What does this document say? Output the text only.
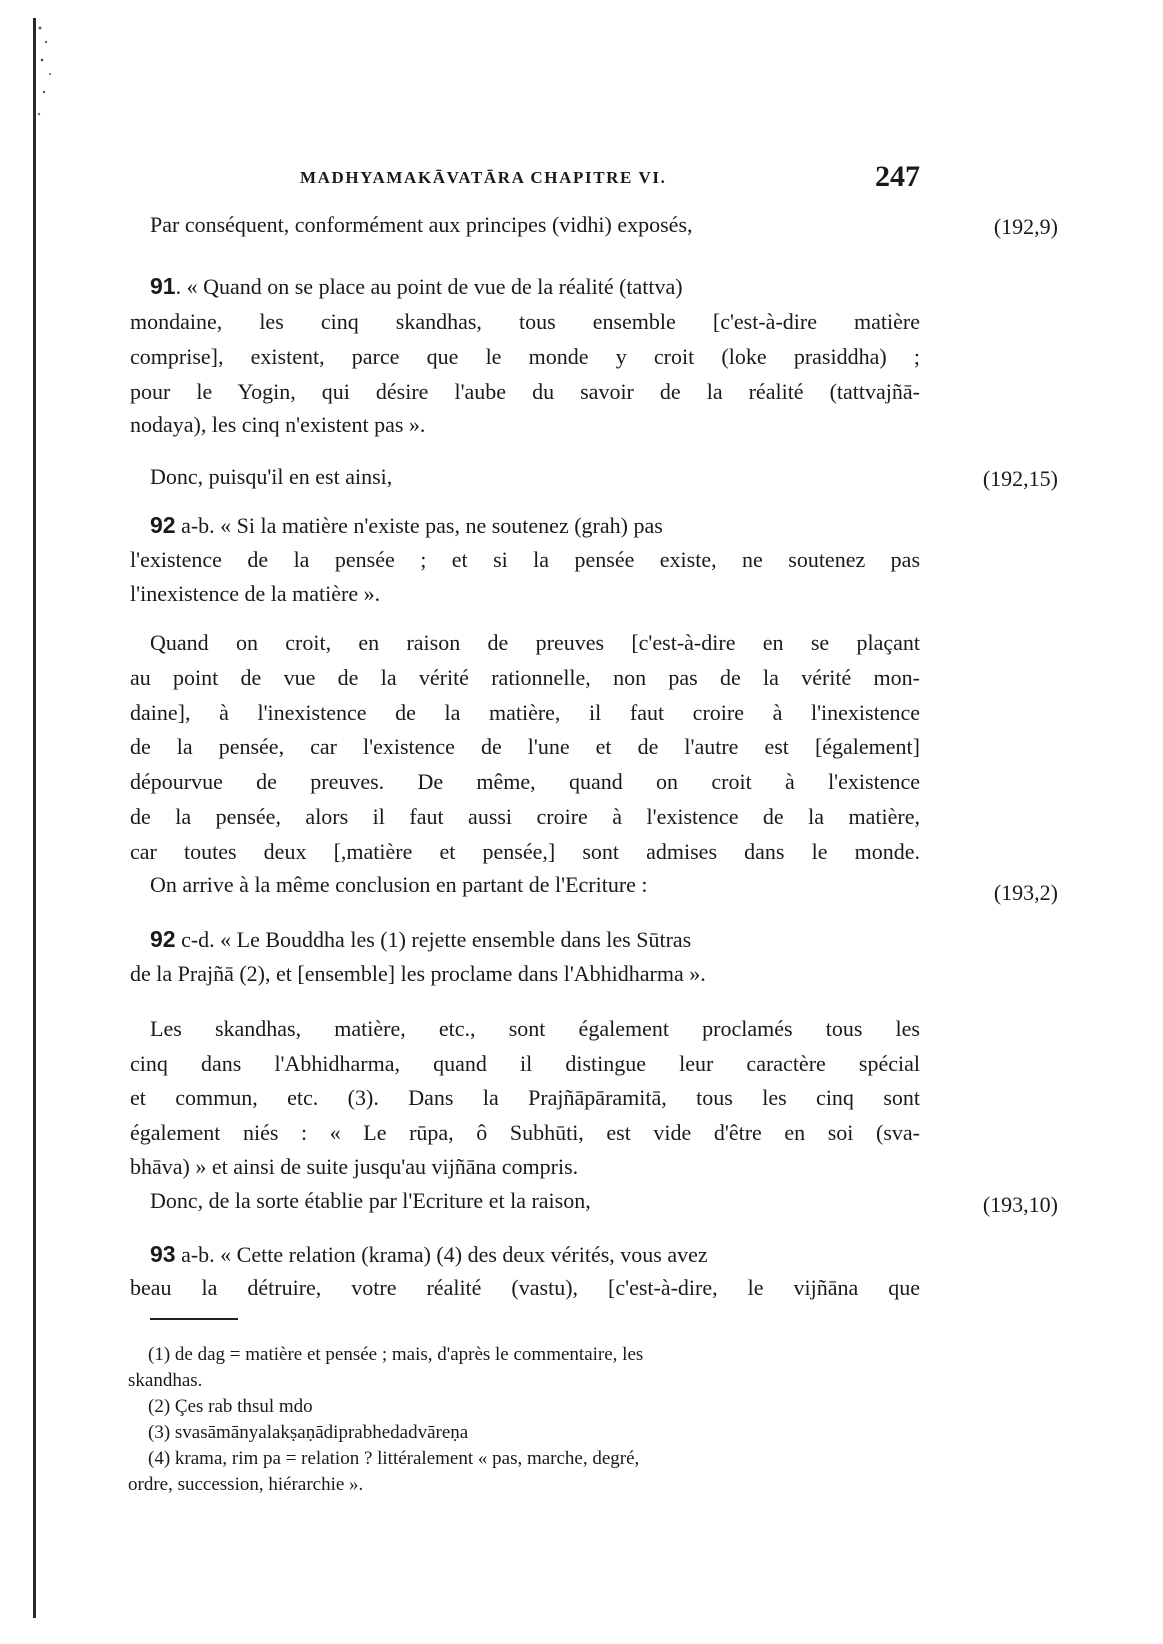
MADHYAMAKĀVATĀRA CHAPITRE VI.	247
Par conséquent, conformément aux principes (vidhi) exposés,	(192,9)
91. « Quand on se place au point de vue de la réalité (tattva)
mondaine, les cinq skandhas, tous ensemble [c'est-à-dire matière
comprise], existent, parce que le monde y croit (loke prasiddha) ;
pour le Yogin, qui désire l'aube du savoir de la réalité (tattvajñā-
nodaya), les cinq n'existent pas ».
Donc, puisqu'il en est ainsi,	(192,15)
92 a-b. « Si la matière n'existe pas, ne soutenez (grah) pas
l'existence de la pensée ; et si la pensée existe, ne soutenez pas
l'inexistence de la matière ».
Quand on croit, en raison de preuves [c'est-à-dire en se plaçant
au point de vue de la vérité rationnelle, non pas de la vérité mon-
daine], à l'inexistence de la matière, il faut croire à l'inexistence
de la pensée, car l'existence de l'une et de l'autre est [également]
dépourvue de preuves. De même, quand on croit à l'existence
de la pensée, alors il faut aussi croire à l'existence de la matière,
car toutes deux [,matière et pensée,] sont admises dans le monde.
On arrive à la même conclusion en partant de l'Ecriture :	(193,2)
92 c-d. « Le Bouddha les (1) rejette ensemble dans les Sūtras
de la Prajñā (2), et [ensemble] les proclame dans l'Abhidharma ».
Les skandhas, matière, etc., sont également proclamés tous les
cinq dans l'Abhidharma, quand il distingue leur caractère spécial
et commun, etc. (3). Dans la Prajñāpāramitā, tous les cinq sont
également niés : « Le rūpa, ô Subhūti, est vide d'être en soi (sva-
bhāva) » et ainsi de suite jusqu'au vijñāna compris.
Donc, de la sorte établie par l'Ecriture et la raison,	(193,10)
93 a-b. « Cette relation (krama) (4) des deux vérités, vous avez
beau la détruire, votre réalité (vastu), [c'est-à-dire, le vijñāna que
(1) de dag = matière et pensée ; mais, d'après le commentaire, les
skandhas.
(2) Çes rab thsul mdo
(3) svasāmānyalakṣaṇādiprabhedadvāreṇa
(4) krama, rim pa = relation ? littéralement « pas, marche, degré,
ordre, succession, hiérarchie ».
